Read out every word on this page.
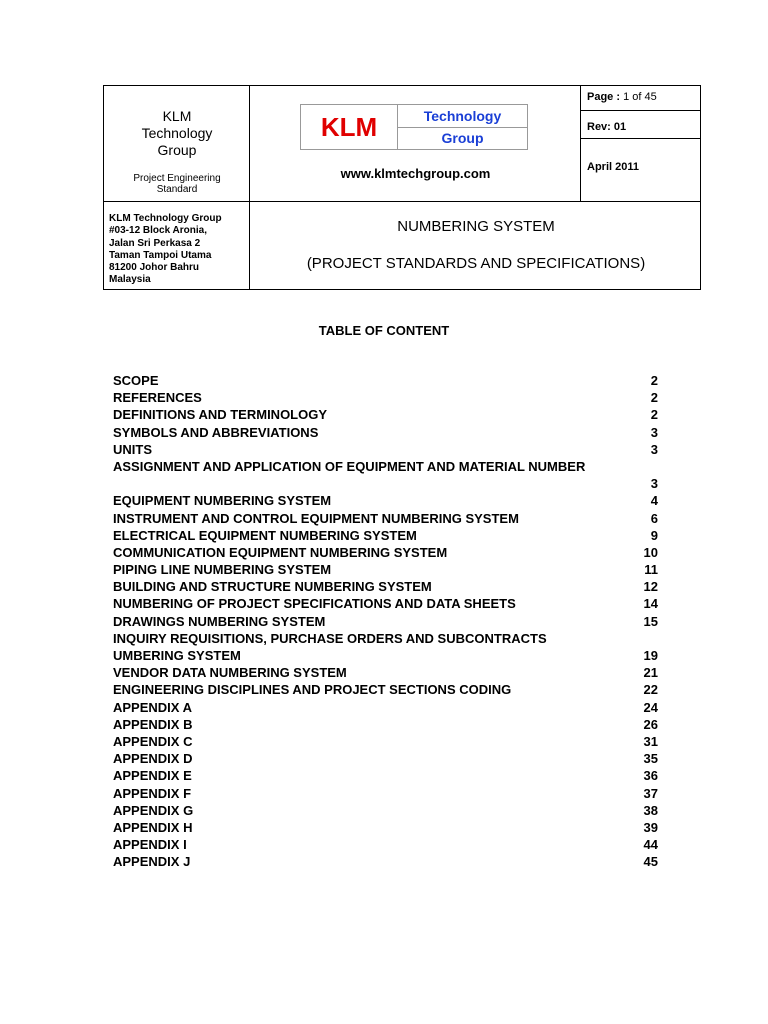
KLM Technology Group
Project Engineering Standard
KLM	Technology
Group
www.klmtechgroup.com
Page : 1 of 45
Rev: 01
April 2011
KLM Technology Group
#03-12 Block Aronia,
Jalan Sri Perkasa 2
Taman Tampoi Utama
81200 Johor Bahru
Malaysia
NUMBERING SYSTEM
(PROJECT STANDARDS AND SPECIFICATIONS)
TABLE OF CONTENT
SCOPE	2
REFERENCES	2
DEFINITIONS AND TERMINOLOGY	2
SYMBOLS AND ABBREVIATIONS	3
UNITS	3
ASSIGNMENT AND APPLICATION OF EQUIPMENT AND MATERIAL NUMBER
3
EQUIPMENT NUMBERING SYSTEM	4
INSTRUMENT AND CONTROL EQUIPMENT NUMBERING SYSTEM	6
ELECTRICAL EQUIPMENT NUMBERING SYSTEM	9
COMMUNICATION EQUIPMENT NUMBERING SYSTEM	10
PIPING LINE NUMBERING SYSTEM	11
BUILDING AND STRUCTURE NUMBERING SYSTEM	12
NUMBERING OF PROJECT SPECIFICATIONS AND DATA SHEETS	14
DRAWINGS NUMBERING SYSTEM	15
INQUIRY REQUISITIONS, PURCHASE ORDERS AND SUBCONTRACTS UMBERING SYSTEM	19
VENDOR DATA NUMBERING SYSTEM	21
ENGINEERING DISCIPLINES AND PROJECT SECTIONS CODING	22
APPENDIX A	24
APPENDIX B	26
APPENDIX C	31
APPENDIX D	35
APPENDIX E	36
APPENDIX F	37
APPENDIX G	38
APPENDIX H	39
APPENDIX I	44
APPENDIX J	45
